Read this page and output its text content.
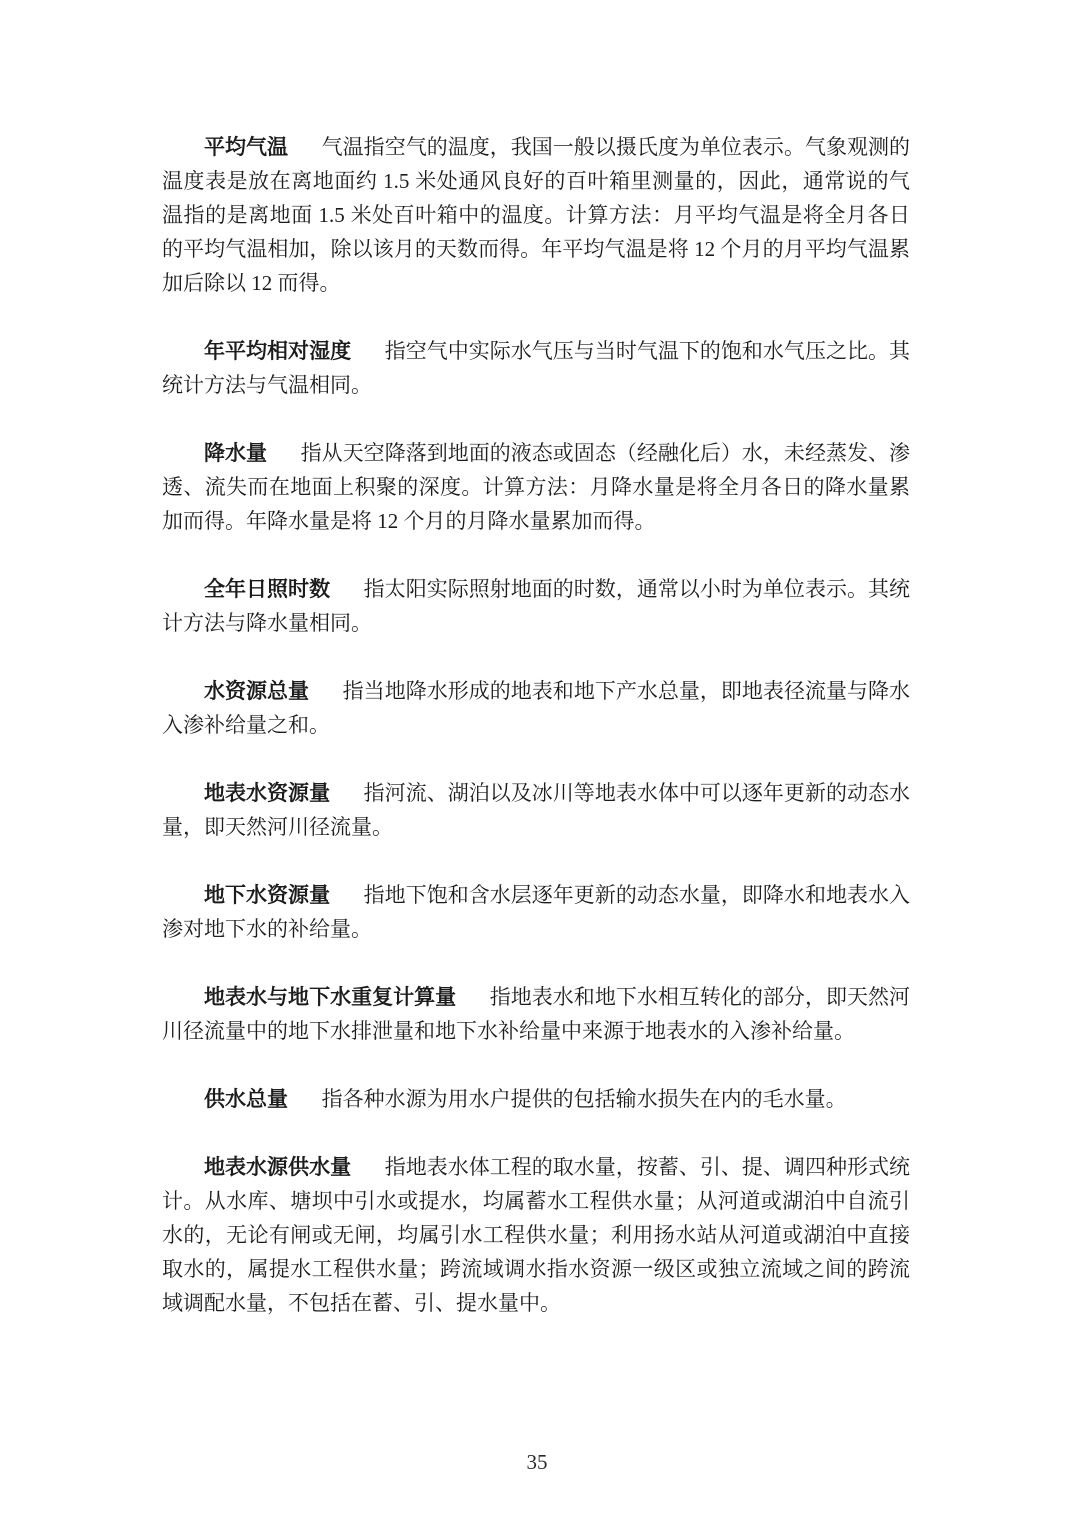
平均气温 气温指空气的温度，我国一般以摄氏度为单位表示。气象观测的温度表是放在离地面约 1.5 米处通风良好的百叶箱里测量的，因此，通常说的气温指的是离地面 1.5 米处百叶箱中的温度。计算方法：月平均气温是将全月各日的平均气温相加，除以该月的天数而得。年平均气温是将 12 个月的月平均气温累加后除以 12 而得。

年平均相对湿度 指空气中实际水气压与当时气温下的饱和水气压之比。其统计方法与气温相同。

降水量 指从天空降落到地面的液态或固态（经融化后）水，未经蒸发、渗透、流失而在地面上积聚的深度。计算方法：月降水量是将全月各日的降水量累加而得。年降水量是将 12 个月的月降水量累加而得。

全年日照时数 指太阳实际照射地面的时数，通常以小时为单位表示。其统计方法与降水量相同。

水资源总量 指当地降水形成的地表和地下产水总量，即地表径流量与降水入渗补给量之和。

地表水资源量 指河流、湖泊以及冰川等地表水体中可以逐年更新的动态水量，即天然河川径流量。

地下水资源量 指地下饱和含水层逐年更新的动态水量，即降水和地表水入渗对地下水的补给量。

地表水与地下水重复计算量 指地表水和地下水相互转化的部分，即天然河川径流量中的地下水排泄量和地下水补给量中来源于地表水的入渗补给量。

供水总量 指各种水源为用水户提供的包括输水损失在内的毛水量。

地表水源供水量 指地表水体工程的取水量，按蓄、引、提、调四种形式统计。从水库、塘坝中引水或提水，均属蓄水工程供水量；从河道或湖泊中自流引水的，无论有闸或无闸，均属引水工程供水量；利用扬水站从河道或湖泊中直接取水的，属提水工程供水量；跨流域调水指水资源一级区或独立流域之间的跨流域调配水量，不包括在蓄、引、提水量中。

35
